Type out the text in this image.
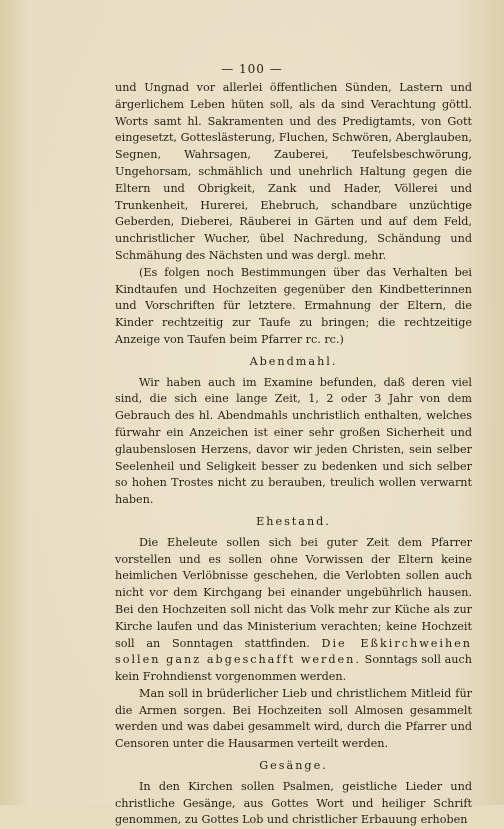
— 100 —

und Ungnad vor allerlei öffentlichen Sünden, Lastern und ärgerlichem Leben hüten soll, als da sind Verachtung göttl. Worts samt hl. Sakramenten und des Predigtamts, von Gott eingesetzt, Gotteslästerung, Fluchen, Schwören, Aberglauben, Segnen, Wahrsagen, Zauberei, Teufelsbeschwörung, Ungehorsam, schmählich und unehrlich Haltung gegen die Eltern und Obrigkeit, Zank und Hader, Völlerei und Trunkenheit, Hurerei, Ehebruch, schandbare unzüchtige Geberden, Dieberei, Räuberei in Gärten und auf dem Feld, unchristlicher Wucher, übel Nachredung, Schändung und Schmähung des Nächsten und was dergl. mehr.

(Es folgen noch Bestimmungen über das Verhalten bei Kindtaufen und Hochzeiten gegenüber den Kindbetterinnen und Vorschriften für letztere. Ermahnung der Eltern, die Kinder rechtzeitig zur Taufe zu bringen; die rechtzeitige Anzeige von Taufen beim Pfarrer rc. rc.)

Abendmahl.

Wir haben auch im Examine befunden, daß deren viel sind, die sich eine lange Zeit, 1, 2 oder 3 Jahr von dem Gebrauch des hl. Abendmahls unchristlich enthalten, welches fürwahr ein Anzeichen ist einer sehr großen Sicherheit und glaubenslosen Herzens, davor wir jeden Christen, sein selber Seelenheil und Seligkeit besser zu bedenken und sich selber so hohen Trostes nicht zu berauben, treulich wollen verwarnt haben.

Ehestand.

Die Eheleute sollen sich bei guter Zeit dem Pfarrer vorstellen und es sollen ohne Vorwissen der Eltern keine heimlichen Verlöbnisse geschehen, die Verlobten sollen auch nicht vor dem Kirchgang bei einander ungebührlich hausen. Bei den Hochzeiten soll nicht das Volk mehr zur Küche als zur Kirche laufen und das Ministerium verachten; keine Hochzeit soll an Sonntagen stattfinden. Die Eßkirchweihen sollen ganz abgeschafft werden. Sonntags soll auch kein Frohndienst vorgenommen werden.

Man soll in brüderlicher Lieb und christlichem Mitleid für die Armen sorgen. Bei Hochzeiten soll Almosen gesammelt werden und was dabei gesammelt wird, durch die Pfarrer und Censoren unter die Hausarmen verteilt werden.

Gesänge.

In den Kirchen sollen Psalmen, geistliche Lieder und christliche Gesänge, aus Gottes Wort und heiliger Schrift genommen, zu Gottes Lob und christlicher Erbauung erhoben
